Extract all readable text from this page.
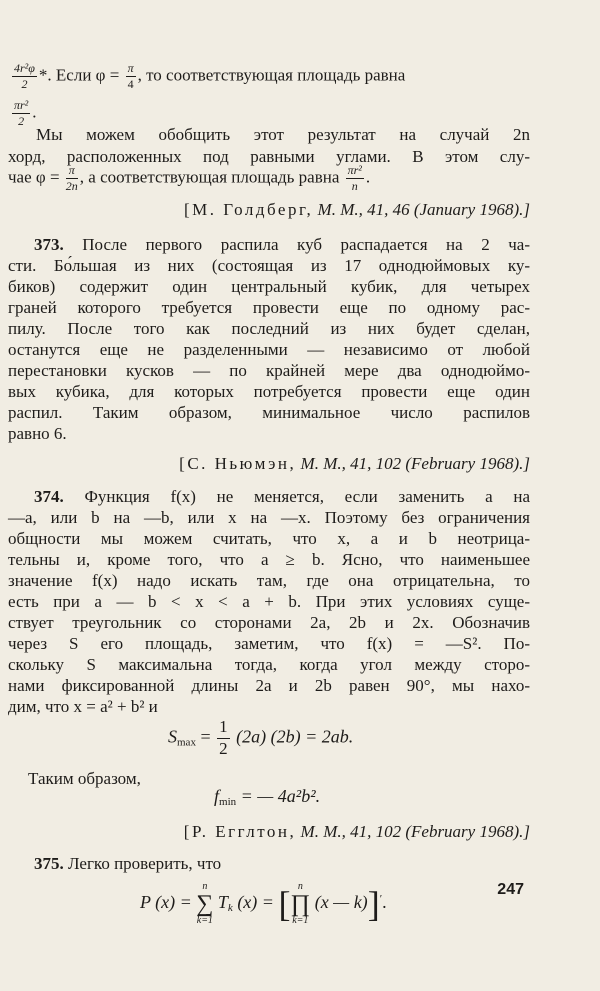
$\frac{\text{4r²φ}}{2}$ *. Если $\varphi = \frac{\pi}{4}$ , то соответствующая площадь равна
$\frac{\text{πr²}}{2}$ .
Мы можем обобщить этот результат на случай 2n
хорд, расположенных под равными углами. В этом слу-
чае $\varphi = \frac{\pi}{2n}$ , а соответствующая площадь равна $\frac{\text{πr²}}{n}$ .
[М. Голдберг, M. M., 41, 46 (January 1968).]
373. После первого распила куб распадается на 2 ча-
сти. Бо́льшая из них (состоящая из 17 однодюймовых ку-
биков) содержит один центральный кубик, для четырех
граней которого требуется провести еще по одному рас-
пилу. После того как последний из них будет сделан,
останутся еще не разделенными — независимо от любой
перестановки кусков — по крайней мере два однодюймо-
вых кубика, для которых потребуется провести еще один
распил. Таким образом, минимальное число распилов
равно 6.
[С. Ньюмэн, M. M., 41, 102 (February 1968).]
374. Функция f(x) не меняется, если заменить a на
—a, или b на —b, или x на —x. Поэтому без ограничения
общности мы можем считать, что x, a и b неотрица-
тельны и, кроме того, что a ≥ b. Ясно, что наименьшее
значение f(x) надо искать там, где она отрицательна, то
есть при a — b < x < a + b. При этих условиях суще-
ствует треугольник со сторонами 2a, 2b и 2x. Обозначив
через S его площадь, заметим, что f(x) = —S². По-
скольку S максимальна тогда, когда угол между сторо-
нами фиксированной длины 2a и 2b равен 90°, мы нахо-
дим, что x = a² + b² и
$S_{max} = \frac{1}{2} (2a) (2b) = 2ab$.
Таким образом,
$f_{min}$ = — 4a²b².
[Р. Егглтон, M. M., 41, 102 (February 1968).]
375. Легко проверить, что
P (x) =
n
∑
k=1
$T_k$ (x) = [ n
∏
k=1
(x — k)]′.
247
